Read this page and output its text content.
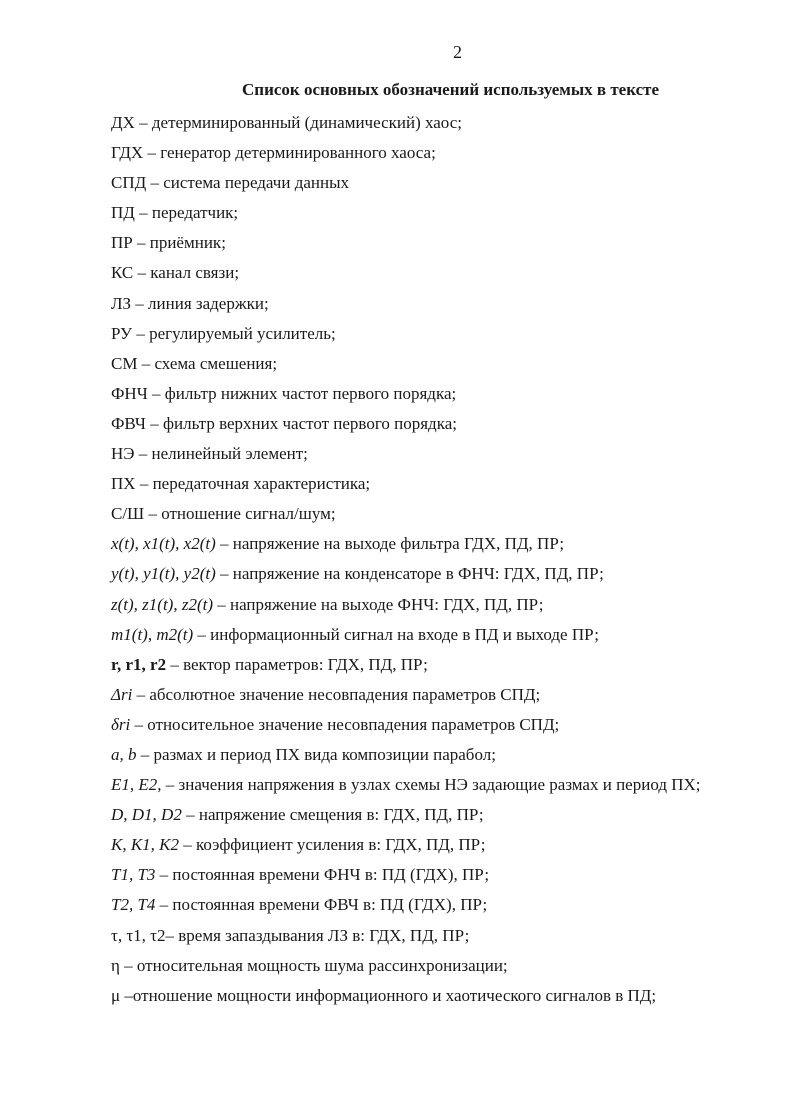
2
Список основных обозначений используемых в тексте
ДХ – детерминированный (динамический) хаос;
ГДХ – генератор детерминированного хаоса;
СПД – система передачи данных
ПД – передатчик;
ПР – приёмник;
КС – канал связи;
ЛЗ – линия задержки;
РУ – регулируемый усилитель;
СМ – схема смешения;
ФНЧ – фильтр нижних частот первого порядка;
ФВЧ – фильтр верхних частот первого порядка;
НЭ – нелинейный элемент;
ПХ – передаточная характеристика;
С/Ш – отношение сигнал/шум;
x(t), x1(t), x2(t) – напряжение на выходе фильтра ГДХ, ПД, ПР;
y(t), y1(t), y2(t) – напряжение на конденсаторе в ФНЧ: ГДХ, ПД, ПР;
z(t), z1(t), z2(t) – напряжение на выходе ФНЧ: ГДХ, ПД, ПР;
m1(t), m2(t) – информационный сигнал на входе в ПД и выходе ПР;
r, r1, r2 – вектор параметров: ГДХ, ПД, ПР;
Δri – абсолютное значение несовпадения параметров СПД;
δri – относительное значение несовпадения параметров СПД;
a, b – размах и период ПХ вида композиции парабол;
E1, E2, – значения напряжения в узлах схемы НЭ задающие размах и период ПХ;
D, D1, D2 – напряжение смещения в: ГДХ, ПД, ПР;
K, K1, K2 – коэффициент усиления в: ГДХ, ПД, ПР;
T1, T3 – постоянная времени ФНЧ в: ПД (ГДХ), ПР;
T2, T4 – постоянная времени ФВЧ в: ПД (ГДХ), ПР;
τ, τ1, τ2– время запаздывания ЛЗ в: ГДХ, ПД, ПР;
η – относительная мощность шума рассинхронизации;
μ –отношение мощности информационного и хаотического сигналов в ПД;
